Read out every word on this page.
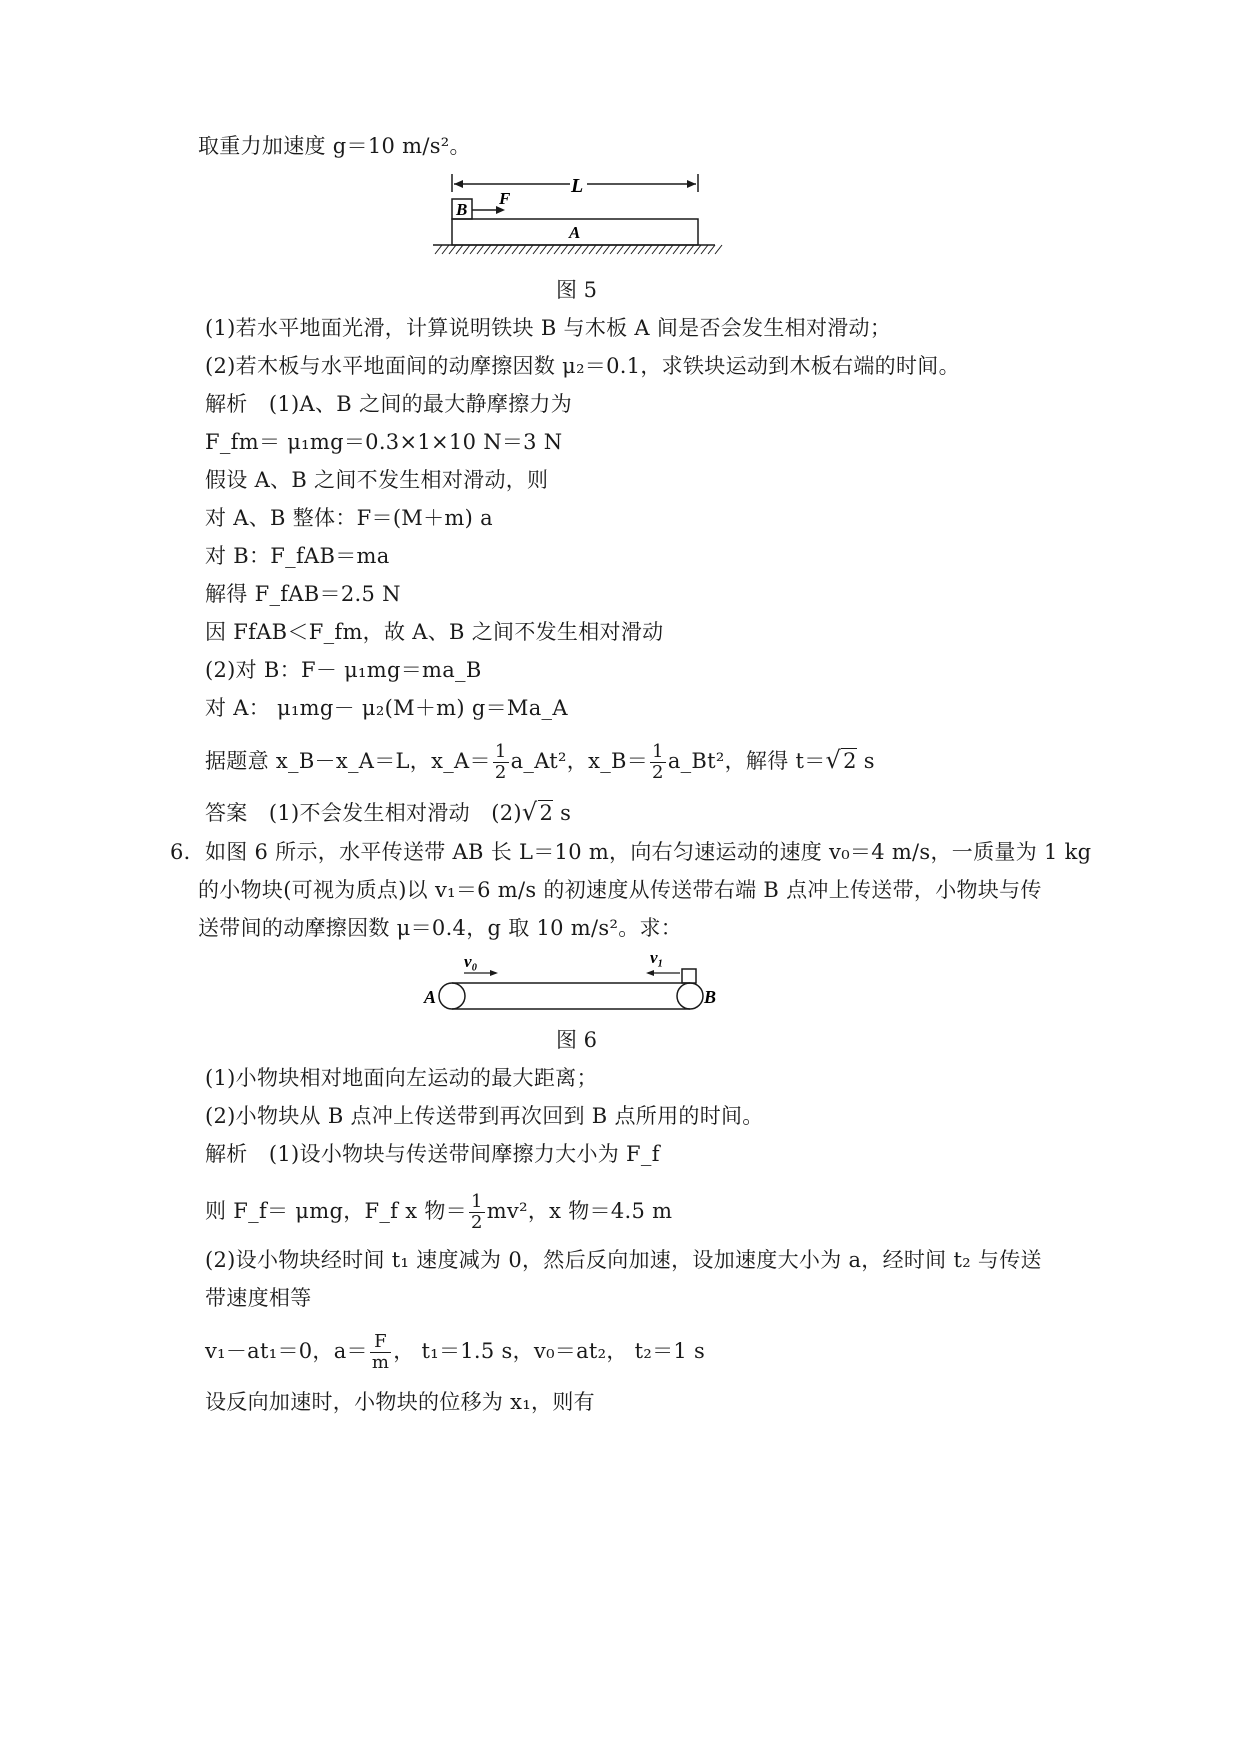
取重力加速度 g＝10 m/s²。
L
B
F
A
图 5
(1)若水平地面光滑，计算说明铁块 B 与木板 A 间是否会发生相对滑动；
(2)若木板与水平地面间的动摩擦因数 μ₂＝0.1，求铁块运动到木板右端的时间。
解析　(1)A、B 之间的最大静摩擦力为
F_fm＝ μ₁mg＝0.3×1×10 N＝3 N
假设 A、B 之间不发生相对滑动，则
对 A、B 整体：F＝(M＋m) a
对 B：F_fAB＝ma
解得 F_fAB＝2.5 N
因 FfAB＜F_fm，故 A、B 之间不发生相对滑动
(2)对 B：F－ μ₁mg＝ma_B
对 A： μ₁mg－ μ₂(M＋m) g＝Ma_A
据题意 x_B－x_A＝L，x_A＝ $\frac{1}{2}$ a_At²，x_B＝ $\frac{1}{2}$ a_Bt²，解得 t＝√2 s
答案　(1)不会发生相对滑动　(2)√2 s
6．如图 6 所示，水平传送带 AB 长 L＝10 m，向右匀速运动的速度 v₀＝4 m/s，一质量为 1 kg
的小物块(可视为质点)以 v₁＝6 m/s 的初速度从传送带右端 B 点冲上传送带，小物块与传
送带间的动摩擦因数 μ＝0.4，g 取 10 m/s²。求：
v₀	v₁
A	B
图 6
(1)小物块相对地面向左运动的最大距离；
(2)小物块从 B 点冲上传送带到再次回到 B 点所用的时间。
解析　(1)设小物块与传送带间摩擦力大小为 F_f
则 F_f＝ μmg，F_f x 物＝ $\frac{1}{2} mv^2$，x 物＝4.5 m
(2)设小物块经时间 t₁ 速度减为 0，然后反向加速，设加速度大小为 a，经时间 t₂ 与传送
带速度相等
v₁－at₁＝0，$a= \frac{F}{m}$ ， t₁＝1.5 s，v₀＝at₂， t₂＝1 s
设反向加速时，小物块的位移为 x₁，则有
